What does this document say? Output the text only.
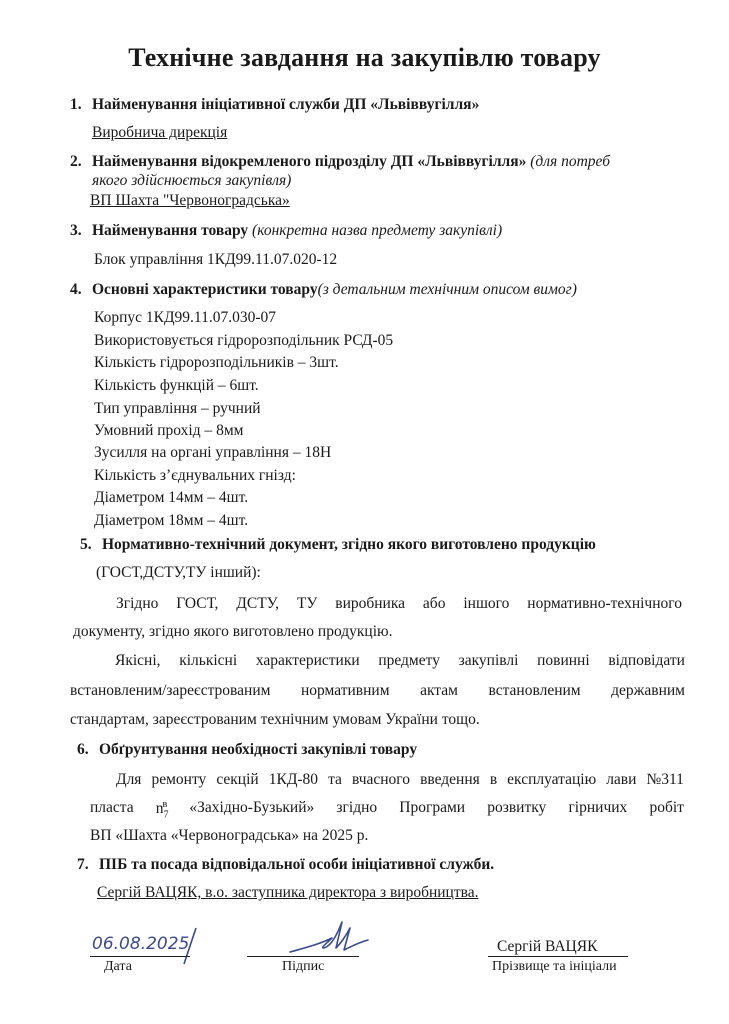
Технічне завдання на закупівлю товару
1. Найменування ініціативної служби ДП «Львіввугілля»
Виробнича дирекція
2. Найменування відокремленого підрозділу ДП «Львіввугілля» (для потреб
якого здійснюється закупівля)
ВП Шахта "Червоноградська»
3. Найменування товару (конкретна назва предмету закупівлі)
Блок управління 1КД99.11.07.020-12
4. Основні характеристики товару(з детальним технічним описом вимог)
Корпус 1КД99.11.07.030-07
Використовується гідророзподільник РСД-05
Кількість гідророзподільників – 3шт.
Кількість функцій – 6шт.
Тип управління – ручний
Умовний прохід – 8мм
Зусилля на органі управління – 18Н
Кількість з’єднувальних гнізд:
Діаметром 14мм – 4шт.
Діаметром 18мм – 4шт.
5. Нормативно-технічний документ, згідно якого виготовлено продукцію
(ГОСТ,ДСТУ,ТУ інший):
Згідно ГОСТ, ДСТУ, ТУ виробника або іншого нормативно-технічного
документу, згідно якого виготовлено продукцію.
Якісні, кількісні характеристики предмету закупівлі повинні відповідати
встановленим/зареєстрованим нормативним актам встановленим державним
стандартам, зареєстрованим технічним умовам України тощо.
6. Обґрунтування необхідності закупівлі товару
Для ремонту секцій 1КД-80 та вчасного введення в експлуатацію лави №311
пласта $n_7^в$ «Західно-Бузький» згідно Програми розвитку гірничих робіт
ВП «Шахта «Червоноградська» на 2025 р.
7. ПІБ та посада відповідальної особи ініціативної служби.
Сергій ВАЦЯК, в.о. заступника директора з виробництва.
06.08.2025
Дата	Підпис
Сергій ВАЦЯК
Прізвище та ініціали
